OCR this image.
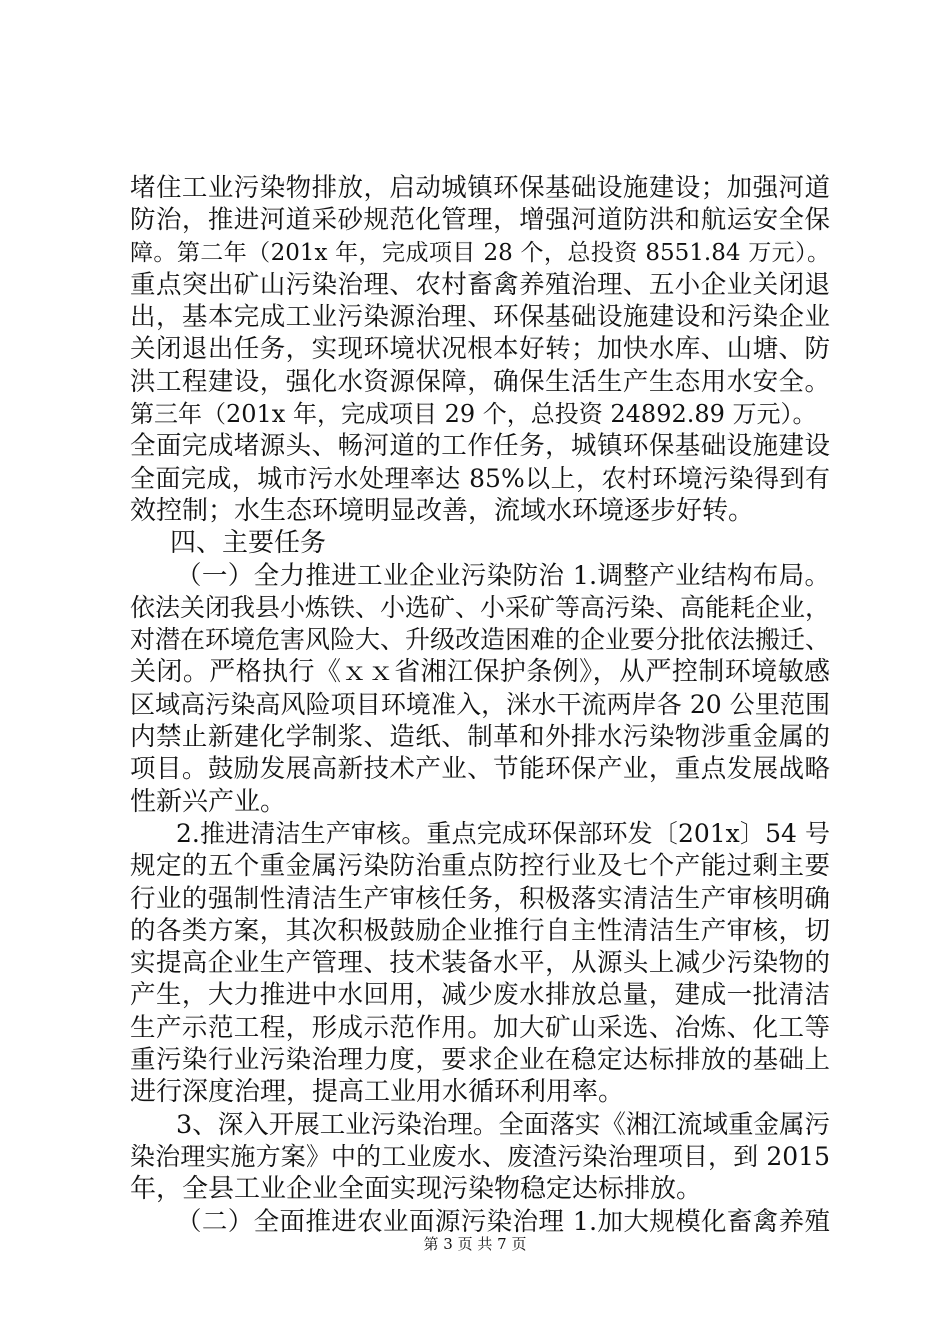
堵住工业污染物排放，启动城镇环保基础设施建设；加强河道
防治，推进河道采砂规范化管理，增强河道防洪和航运安全保
障。第二年（201x 年，完成项目 28 个，总投资 8551.84 万元）。
重点突出矿山污染治理、农村畜禽养殖治理、五小企业关闭退
出，基本完成工业污染源治理、环保基础设施建设和污染企业
关闭退出任务，实现环境状况根本好转；加快水库、山塘、防
洪工程建设，强化水资源保障，确保生活生产生态用水安全。
第三年（201x 年，完成项目 29 个，总投资 24892.89 万元）。
全面完成堵源头、畅河道的工作任务，城镇环保基础设施建设
全面完成，城市污水处理率达 85%以上，农村环境污染得到有
效控制；水生态环境明显改善，流域水环境逐步好转。
四、主要任务
（一）全力推进工业企业污染防治 1.调整产业结构布局。
依法关闭我县小炼铁、小选矿、小采矿等高污染、高能耗企业，
对潜在环境危害风险大、升级改造困难的企业要分批依法搬迁、
关闭。严格执行《ｘｘ省湘江保护条例》，从严控制环境敏感
区域高污染高风险项目环境准入，洣水干流两岸各 20 公里范围
内禁止新建化学制浆、造纸、制革和外排水污染物涉重金属的
项目。鼓励发展高新技术产业、节能环保产业，重点发展战略
性新兴产业。
2.推进清洁生产审核。重点完成环保部环发〔201x〕54 号
规定的五个重金属污染防治重点防控行业及七个产能过剩主要
行业的强制性清洁生产审核任务，积极落实清洁生产审核明确
的各类方案，其次积极鼓励企业推行自主性清洁生产审核，切
实提高企业生产管理、技术装备水平，从源头上减少污染物的
产生，大力推进中水回用，减少废水排放总量，建成一批清洁
生产示范工程，形成示范作用。加大矿山采选、冶炼、化工等
重污染行业污染治理力度，要求企业在稳定达标排放的基础上
进行深度治理，提高工业用水循环利用率。
3、深入开展工业污染治理。全面落实《湘江流域重金属污
染治理实施方案》中的工业废水、废渣污染治理项目，到 2015
年，全县工业企业全面实现污染物稳定达标排放。
（二）全面推进农业面源污染治理 1.加大规模化畜禽养殖
第 3 页 共 7 页
